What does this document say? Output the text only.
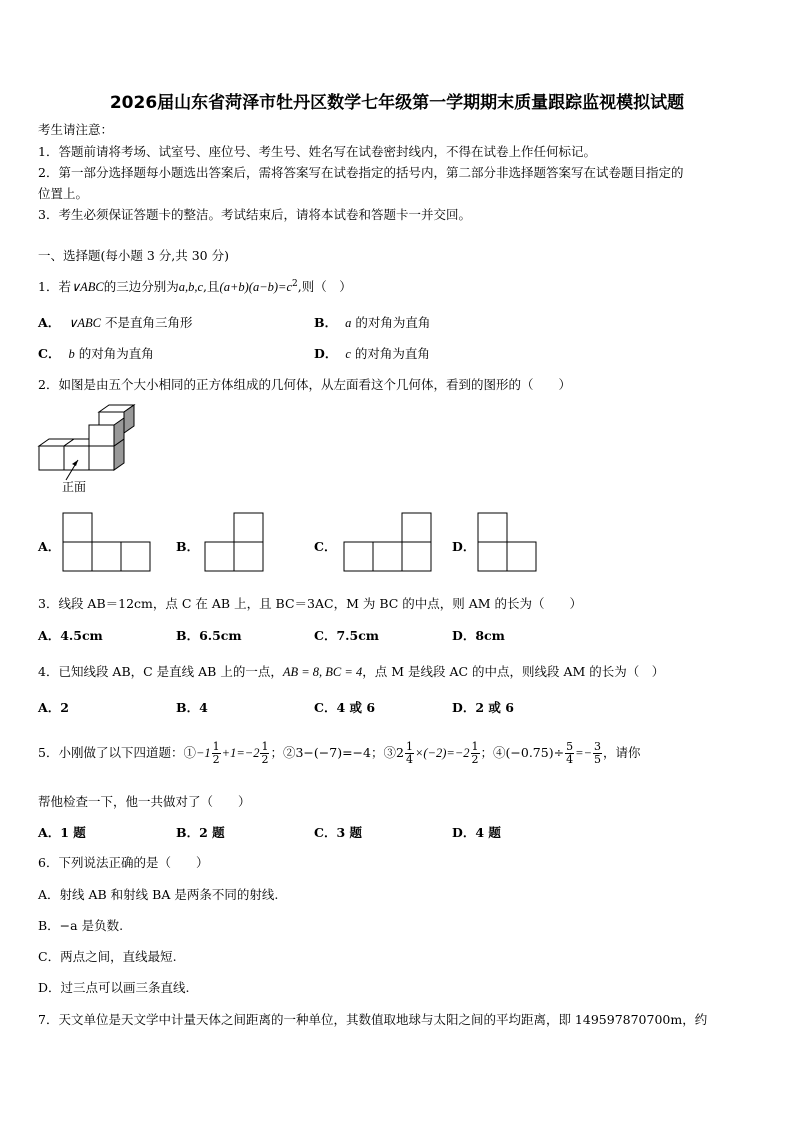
2026届山东省菏泽市牡丹区数学七年级第一学期期末质量跟踪监视模拟试题
考生请注意：
1．答题前请将考场、试室号、座位号、考生号、姓名写在试卷密封线内，不得在试卷上作任何标记。
2．第一部分选择题每小题选出答案后，需将答案写在试卷指定的括号内，第二部分非选择题答案写在试卷题目指定的
位置上。
3．考生必须保证答题卡的整洁。考试结束后，请将本试卷和答题卡一并交回。
一、选择题(每小题 3 分,共 30 分)
1．若∨ABC的三边分别为a,b,c,且$(a+b)(a-b)=c^2$,则（　）
A． ∨ABC 不是直角三角形	B． a 的对角为直角
C． b 的对角为直角	D． c 的对角为直角
2．如图是由五个大小相同的正方体组成的几何体，从左面看这个几何体，看到的图形的（　　）
正面
A．	B．	C．	D．
3．线段 AB＝12cm，点 C 在 AB 上，且 BC＝3AC，M 为 BC 的中点，则 AM 的长为（　　）
A．4.5cm	B．6.5cm	C．7.5cm	D．8cm
4．已知线段 AB，C 是直线 AB 上的一点，AB = 8, BC = 4，点 M 是线段 AC 的中点，则线段 AM 的长为（　）
A．2	B．4	C．4 或 6	D．2 或 6
5．小刚做了以下四道题：①−1 $\frac{1}{2} +1=-2 \frac{1}{2}$ ；②3−(−7)=−4；③2 $\frac{1}{4} \times(-2)=-2 \frac{1}{2}$ ；④(−0.75)÷ $\frac{5}{4} =- \frac{3}{5}$ ，请你
帮他检查一下，他一共做对了（　　）
A．1 题	B．2 题	C．3 题	D．4 题
6．下列说法正确的是（　　）
A．射线 AB 和射线 BA 是两条不同的射线.
B．−a 是负数.
C．两点之间，直线最短.
D．过三点可以画三条直线.
7．天文单位是天文学中计量天体之间距离的一种单位，其数值取地球与太阳之间的平均距离，即 149597870700m，约
